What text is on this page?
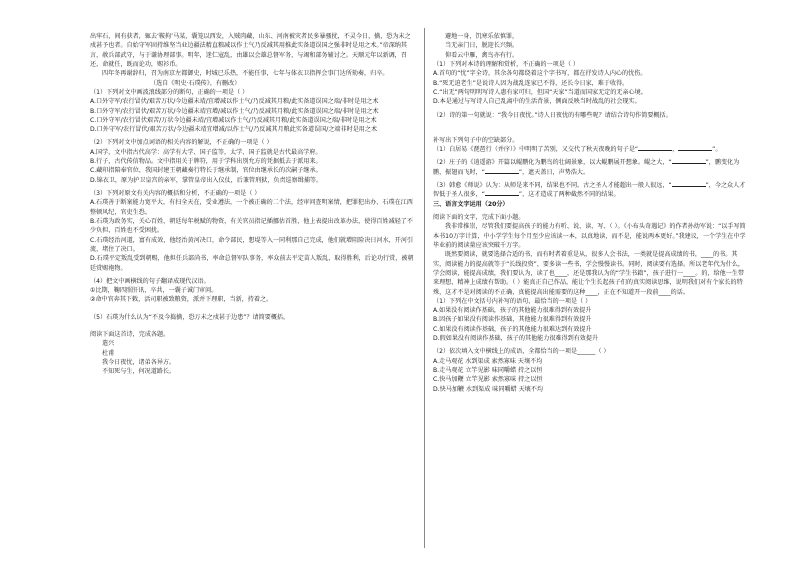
出牢石，间有获者，辄去‘鞍拘’马某，囊笼以西发，入贼肉藏，山东、河南被灾者民多暴骚扰，不灵今日，擒，恐为未之戍甚予也者。自始守军固持维坚当业边疆法精直粮减以作士气乃反减其用推此实备道误国之强非时是用之术。”帝深纳其言，赦兵部武守，与于谦协理部事。明年，迷仁寇乱，由雄以会雄总督军务，与竭和部务辅讨之。天顺元年以新调，召还，命就任，既而论功，赐衫币。

四年冬再谢辞归，召为南京左都御史，时城已乐热，不能任事，七年与体衣卫指挥会事门达所劾奏，归卒。

（选自《明史·石璞传》，有删改）

（1）下列对文中画波浪线部分的断句，正确的一项是（ ）

A.口外守军/农行冒伏/艰苦万状/今边疆未靖/宜增减以作士气/乃反减其月粮/此实备道误国之端/非时是用之术

B.口外守军/农行冒伏/艰苦万状/今边疆未靖宜增/减以作士气/乃反减其月粮/此实备道误国之端/非时是用之术

C.口外守军/农行冒伏艰苦/万状今边疆未靖/宜增减以作士气/乃反减其月粮/此实备道误国之端/非时是用之术

D.口外守军/农行冒伏/艰苦万状/今边疆未靖宜增减/以作士气/乃反减其月粮此实备道误国/之端非时是用之术

（2）下列对文中加点词语的相关内容的解说，不正确的一项是（ ）

A.国学，文中指古代高学：高学有大学、国子监等，太学、国子监就是古代最高学府。

B.行子，古代传信物品。文中指用关于牌符，用于学科出别允方的凭据抵去于派用来。

C.藏印指陪奉官位，我国封建王朝藏奏行特长于继承制，官位由继承长的次嗣子继承。

D.锦衣卫，原为护卫皇宫的亲军，掌管皇帝出入仪仗，后兼管刑狱，负责巡察缉捕等。

（3）下列对原文有关内容的概括和分析，不正确的一项是（ ）

A.石璞善于断案能力宽平大，有扫全天在，受业遵法，一个被正确的二个法，经审问查明案情，把罪犯出办，石璞在江西整顿风纪，官吏生恐。

B.石璞为政务实，关心百姓，朝廷每年税赋的物资，有关官员指记插挪估首胜，他上表提出改革办法，使得百姓减轻了不少负担，百姓也不受困扰。

C.石璞经治河道，富有成效，他经治黄河决口，命令部民，想堤等入一同利那自己完成，他们就增阻险决日河水，开河引流，堵住了决口。

D.石璞平定叛乱受到朝赐，他担任兵部尚书，率命总督军队事务，率众前去平定苗人叛乱，取得胜利，后论功行赏，被朝廷赏赐袍物。

（4）把文中画横线的句子翻译成现代汉语。

①比期，鞠四照肝讯，卒共，一囊子诚门审问。

②命中官奔其下敕，活司职被致粮资，派并下理职，当新，持着之。

（5）石璞为什么认为“不及今捣擒，恐万未之戍甚于边患”？请简要概括。

阅读下面这首诗，完成各题。

遣兴

杜甫

我今日夜忧，诸弟各异方。

不知死与生，何况道路长。

避地一身，饥寒乐依慎罪，

当无亲门日，脱迎长兴频。

仰看云中雁，禽鸟亦有行。

（1）下列对本诗的理解和赏析，不正确的一项是（ ）

A.首句的“忧”字全诗，其余各句都绕着这个字书写，都在抒发诗人内心的忧伤。

B.“死无迫老生”是说诗人因为战乱连家已不得，还长今日家，难于收得。

C.“出无”两句明明写诗人惠有家可归，但国“天家”当道而国家无定的无亲心境。

D.本是通过与写诗人自己乱离中的生活背景，侧面反映当时战乱的社会现实。

（2）诗的第一句就说：“我今日夜忧。”诗人日夜忧的有哪些呢？请结合诗句作简要概括。

补写出下列句子中的空缺部分。

（1）白居易《琵琶行（并序）》中明明了苦别，又交代了秋天夜晚的句子是“	，	”。

（2）庄子的《逍遥游》开篇以鲲鹏化为鹏鸟的壮阔景象，以大鲲鹏展开想象。鲲之大，“	”，鹏变化为鹏，振翅而飞时，“	”，遮天盖日，声势浩大。

（3）韩愈《师说》认为：从师是来不同，结果也不同。古之圣人才能超出一般人很远，“	”，今之众人才智低于圣人很多，“	”，这才造成了两种截然不同的结果。

三、语言文字运用（20分）

阅读下面的文字，完成下面小题。

我非常推崇，尽管我们要提高孩子的能力有听、说、读、写、（ ）。《小布头奇遇记》的作者孙幼军说：“以手写简本书10万字计算，中小学学生每个月至少应该读一本，以真地读，而不是，能说两本更好。”我建议，一个学生在中学毕业前的阅读量应该突破千万字。

既然要阅读，就要选择合适的书，而有时者着重是从，很多人会书法，一类就是提高成绩的书，____的书。其实，阅读能力的提高就等于“长线投资”，要多读一些书，学会慢慢读书。同时，阅读要有选择。所以老年代为什么，学会阅读，能提高成绩，我们要认为，读了也____，还是那我认为的“学生书籍”，孩子进行一____。的，给他一生带来理想、精神上成绩有帮助。（ ）能真正自己作品，能让个生长起孩子们的真实阅读思维，说明我们对有个家长的特殊，这才不是对阅读的不正确，真能提高出能需要的这种____，正在不知道开一段前____的话。

（1）下列在中文括号内补写的语句，最恰当的一项是（ ）

A.如果没有阅读作基础，孩子的其他能力很难得到有效提升

B.因孩子如果没有阅读作基础，其他能力很难得到有效提升

C.如果没有阅读作基础，孩子的其他能力很难达到有效提升

D.假如果没有阅读作基础，孩子的其他能力很难得到有效提升

（2）依次填入文中横线上的成语，全都恰当的一项是______（ ）

A.走马观花 水到渠成 索然寡味 天壤不均

B.走马观花 立竿见影 味同嚼蜡 持之以恒

C.快马加鞭 立竿见影 索然寡味 持之以恒

D.快马加鞭 水到渠成 味同嚼蜡 天壤不均
